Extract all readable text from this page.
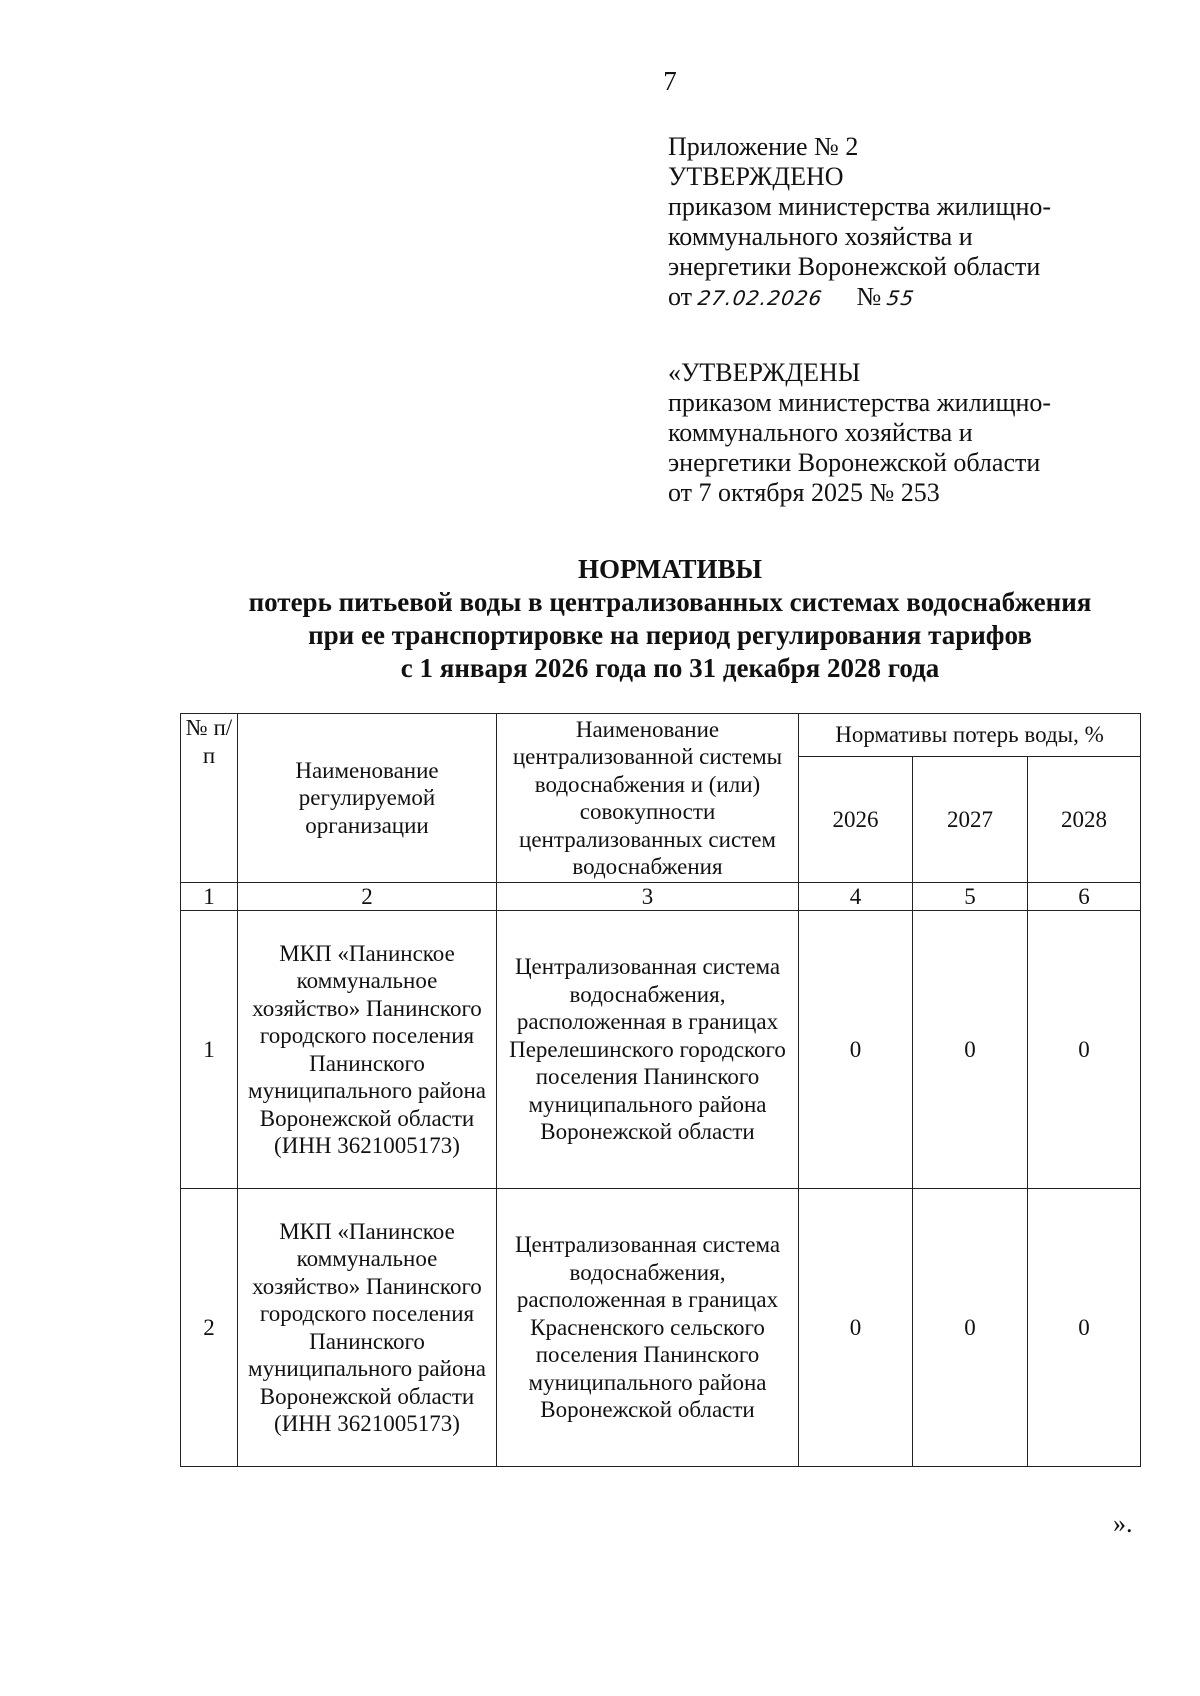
7
Приложение № 2
УТВЕРЖДЕНО
приказом министерства жилищно-
коммунального хозяйства и
энергетики Воронежской области
от 27.02.2026 № 55
«УТВЕРЖДЕНЫ
приказом министерства жилищно-
коммунального хозяйства и
энергетики Воронежской области
от 7 октября 2025 № 253
НОРМАТИВЫ
потерь питьевой воды в централизованных системах водоснабжения
при ее транспортировке на период регулирования тарифов
с 1 января 2026 года по 31 декабря 2028 года
№ п/п	Наименование регулируемой организации	Наименование централизованной системы водоснабжения и (или) совокупности централизованных систем водоснабжения	Нормативы потерь воды, %		
			2026	2027	2028
1	2	3	4	5	6
1	МКП «Панинское коммунальное хозяйство» Панинского городского поселения Панинского муниципального района Воронежской области (ИНН 3621005173)	Централизованная система водоснабжения, расположенная в границах Перелешинского городского поселения Панинского муниципального района Воронежской области	0	0	0
2	МКП «Панинское коммунальное хозяйство» Панинского городского поселения Панинского муниципального района Воронежской области (ИНН 3621005173)	Централизованная система водоснабжения, расположенная в границах Красненского сельского поселения Панинского муниципального района Воронежской области	0	0	0
».
